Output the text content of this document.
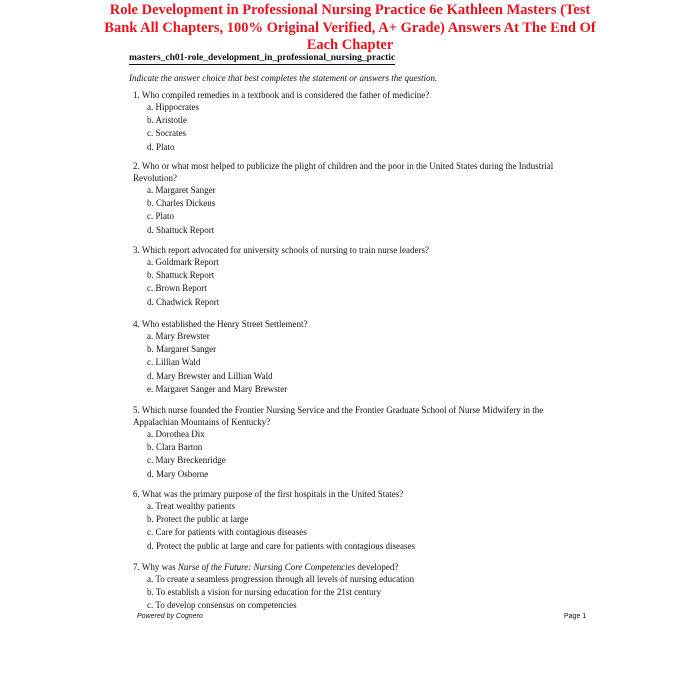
Role Development in Professional Nursing Practice 6e Kathleen Masters (Test Bank All Chapters, 100% Original Verified, A+ Grade) Answers At The End Of Each Chapter
masters_ch01-role_development_in_professional_nursing_practic
Indicate the answer choice that best completes the statement or answers the question.
1. Who compiled remedies in a textbook and is considered the father of medicine?
a. Hippocrates
b. Aristotle
c. Socrates
d. Plato
2. Who or what most helped to publicize the plight of children and the poor in the United States during the Industrial Revolution?
a. Margaret Sanger
b. Charles Dickens
c. Plato
d. Shattuck Report
3. Which report advocated for university schools of nursing to train nurse leaders?
a. Goldmark Report
b. Shattuck Report
c. Brown Report
d. Chadwick Report
4. Who established the Henry Street Settlement?
a. Mary Brewster
b. Margaret Sanger
c. Lillian Wald
d. Mary Brewster and Lillian Wald
e. Margaret Sanger and Mary Brewster
5. Which nurse founded the Frontier Nursing Service and the Frontier Graduate School of Nurse Midwifery in the Appalachian Mountains of Kentucky?
a. Dorothea Dix
b. Clara Barton
c. Mary Breckenridge
d. Mary Osborne
6. What was the primary purpose of the first hospitals in the United States?
a. Treat wealthy patients
b. Protect the public at large
c. Care for patients with contagious diseases
d. Protect the public at large and care for patients with contagious diseases
7. Why was Nurse of the Future: Nursing Core Competencies developed?
a. To create a seamless progression through all levels of nursing education
b. To establish a vision for nursing education for the 21st century
c. To develop consensus on competencies
Powered by Cognero	Page 1
